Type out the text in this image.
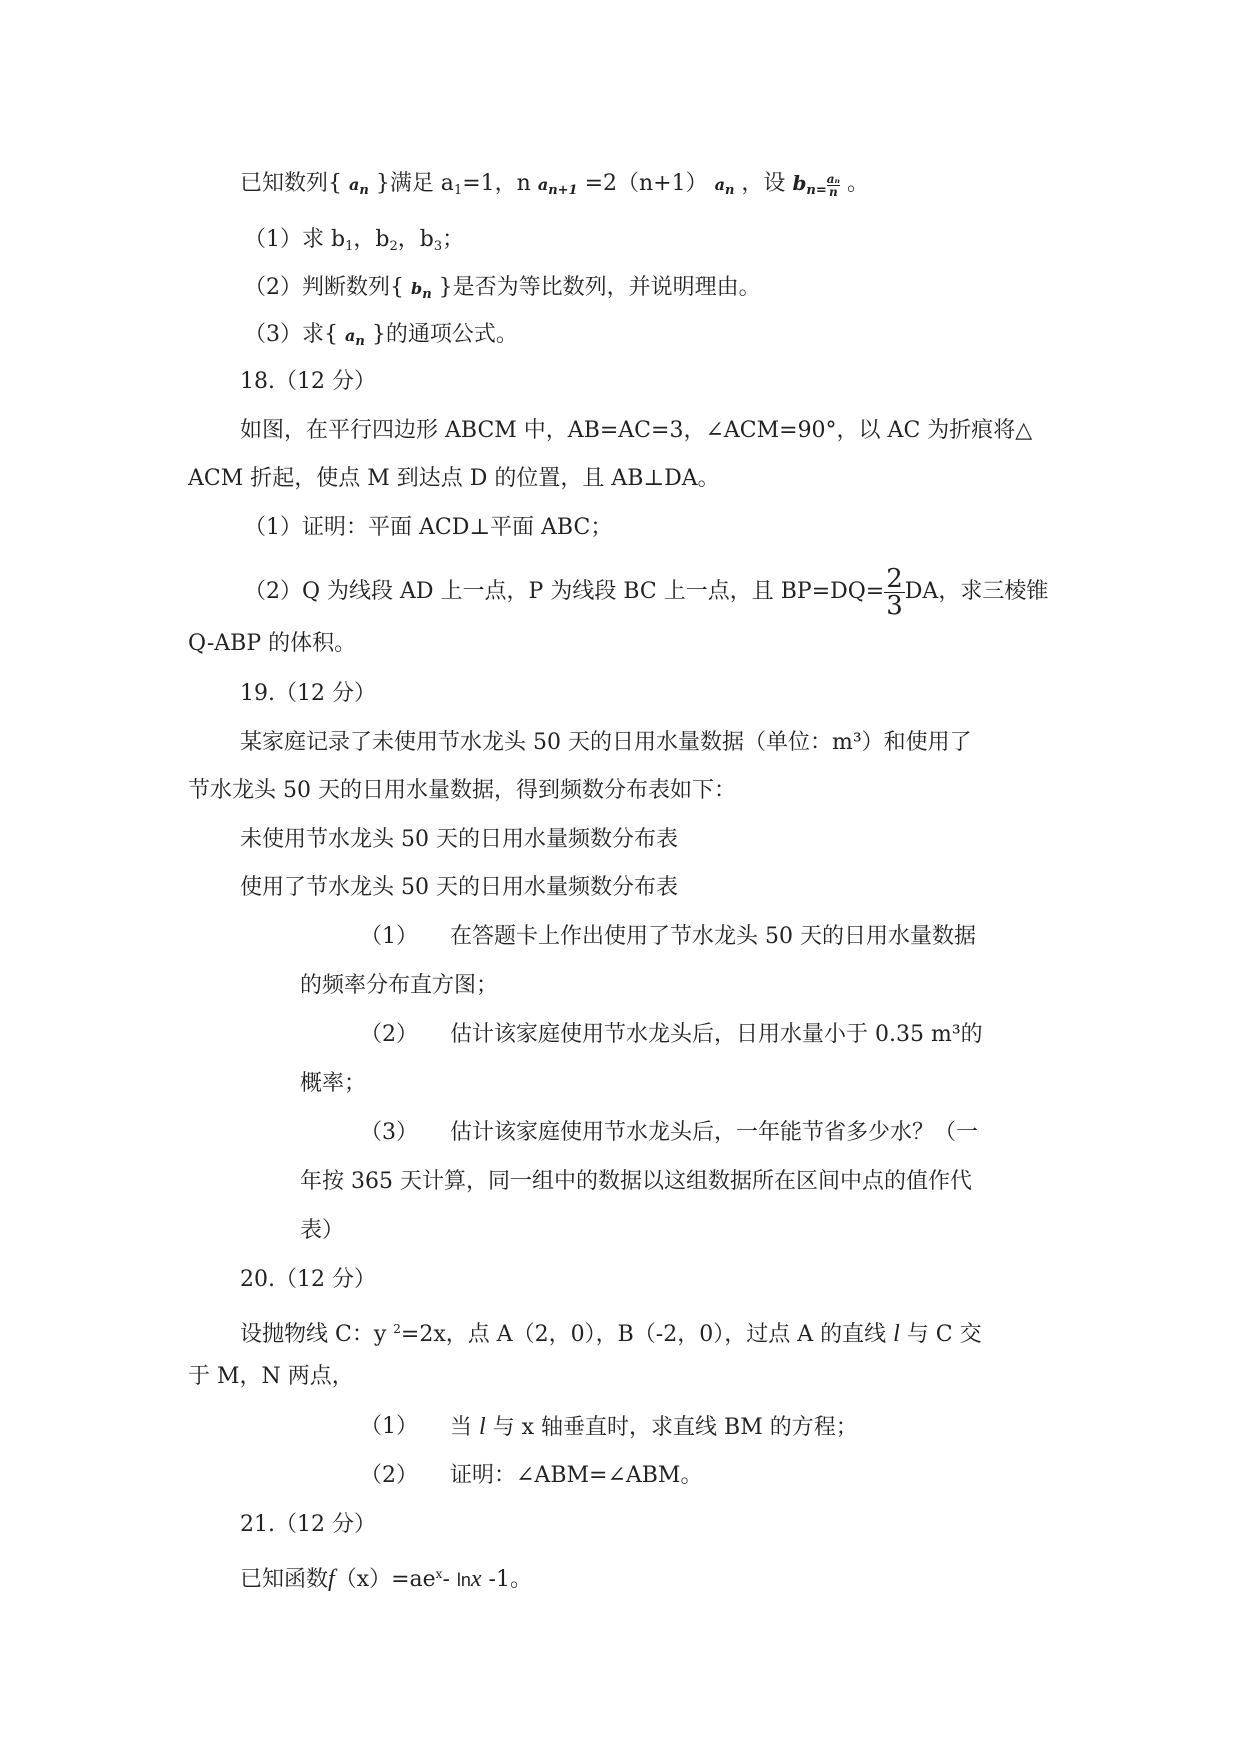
已知数列{ $a_n$ }满足 $a_1=1$，n $a_{n+1} =2(n+1)$ $a_n$ ，设 $b_{n=} \frac{\text{aₙ}}{n}$ 。
（1）求 $b_1$，$b_2$，$b_3$；
（2）判断数列{ $b_n$ }是否为等比数列，并说明理由。
（3）求{ $a_n$ }的通项公式。
18.（12 分）
如图，在平行四边形 ABCM 中，AB=AC=3，∠ACM=90°，以 AC 为折痕将△
ACM 折起，使点 M 到达点 D 的位置，且 AB⊥DA。
（1）证明：平面 ACD⊥平面 ABC；
（2）Q 为线段 AD 上一点，P 为线段 BC 上一点，且 $BP=DQ= \frac{2}{3}$ DA，求三棱锥
Q-ABP 的体积。
19.（12 分）
某家庭记录了未使用节水龙头 50 天的日用水量数据（单位：m³）和使用了
节水龙头 50 天的日用水量数据，得到频数分布表如下：
未使用节水龙头 50 天的日用水量频数分布表
使用了节水龙头 50 天的日用水量频数分布表
（1） 在答题卡上作出使用了节水龙头 50 天的日用水量数据
的频率分布直方图；
（2） 估计该家庭使用节水龙头后，日用水量小于 0.35 m³的
概率；
（3） 估计该家庭使用节水龙头后，一年能节省多少水？（一
年按 365 天计算，同一组中的数据以这组数据所在区间中点的值作代
表）
20.（12 分）
设抛物线 C：y $^2$=2x，点 A（2，0），B（-2，0），过点 A 的直线 l 与 C 交
于 M，N 两点，
（1） 当 l 与 x 轴垂直时，求直线 BM 的方程；
（2） 证明：∠ABM=∠ABM。
21.（12 分）
已知函数$f(x)=ae^x-$ lnx -1。
